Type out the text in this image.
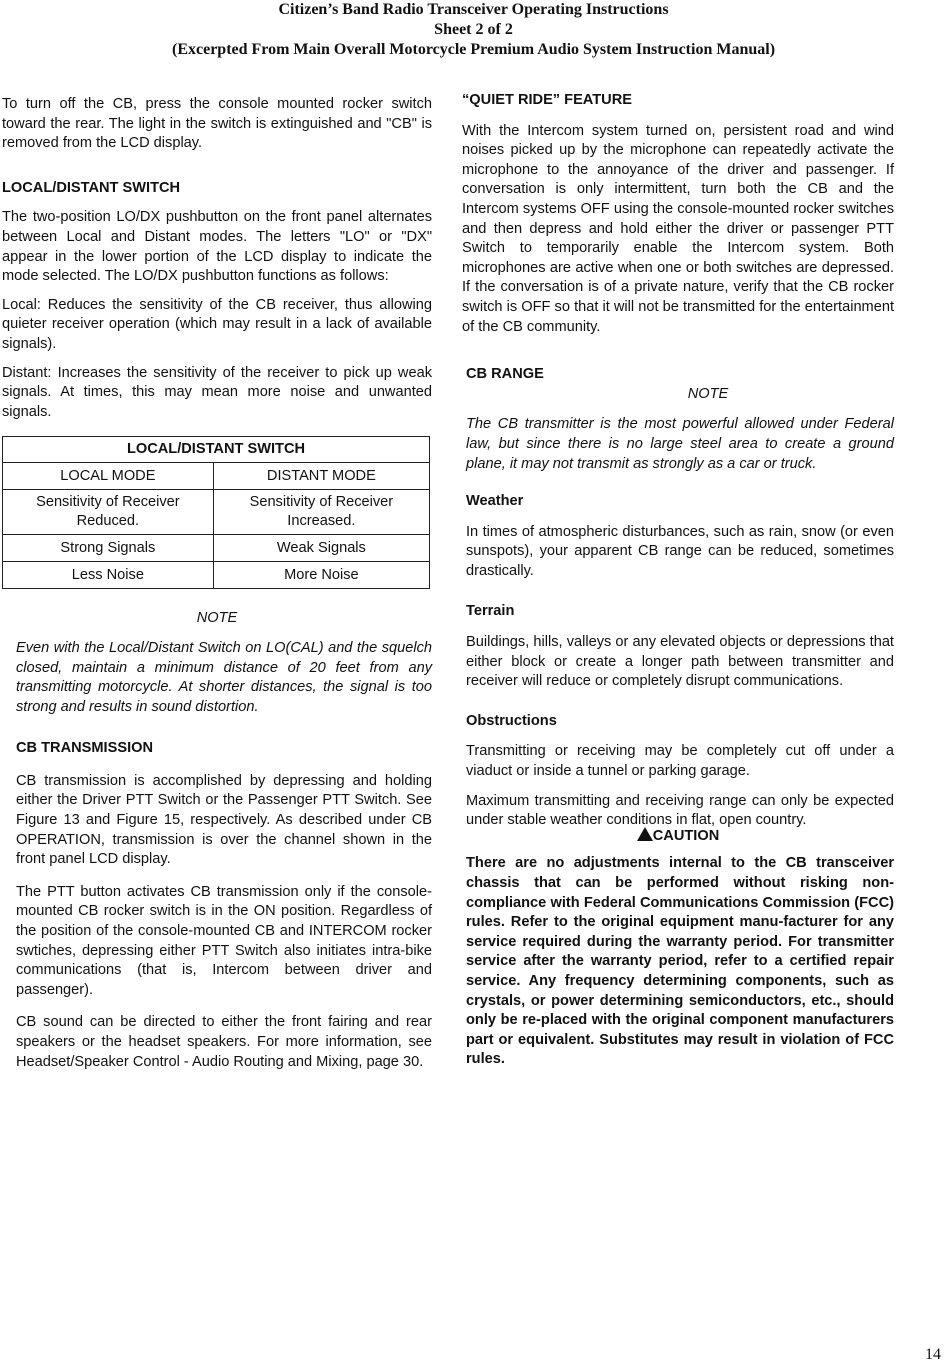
Citizen’s Band Radio Transceiver Operating Instructions
Sheet 2 of 2
(Excerpted From Main Overall Motorcycle Premium Audio System Instruction Manual)

To turn off the CB, press the console mounted rocker switch toward the rear. The light in the switch is extinguished and "CB" is removed from the LCD display.

LOCAL/DISTANT SWITCH

The two-position LO/DX pushbutton on the front panel alternates between Local and Distant modes. The letters "LO" or "DX" appear in the lower portion of the LCD display to indicate the mode selected. The LO/DX pushbutton functions as follows:

Local: Reduces the sensitivity of the CB receiver, thus allowing quieter receiver operation (which may result in a lack of available signals).

Distant: Increases the sensitivity of the receiver to pick up weak signals. At times, this may mean more noise and unwanted signals.

LOCAL/DISTANT SWITCH	
LOCAL MODE	DISTANT MODE
Sensitivity of Receiver Reduced.	Sensitivity of Receiver Increased.
Strong Signals	Weak Signals
Less Noise	More Noise

NOTE

Even with the Local/Distant Switch on LO(CAL) and the squelch closed, maintain a minimum distance of 20 feet from any transmitting motorcycle. At shorter distances, the signal is too strong and results in sound distortion.

CB TRANSMISSION

CB transmission is accomplished by depressing and holding either the Driver PTT Switch or the Passenger PTT Switch. See Figure 13 and Figure 15, respectively. As described under CB OPERATION, transmission is over the channel shown in the front panel LCD display.

The PTT button activates CB transmission only if the console-mounted CB rocker switch is in the ON position. Regardless of the position of the console-mounted CB and INTERCOM rocker swtiches, depressing either PTT Switch also initiates intra-bike communications (that is, Intercom between driver and passenger).

CB sound can be directed to either the front fairing and rear speakers or the headset speakers. For more information, see Headset/Speaker Control - Audio Routing and Mixing, page 30.

“QUIET RIDE” FEATURE

With the Intercom system turned on, persistent road and wind noises picked up by the microphone can repeatedly activate the microphone to the annoyance of the driver and passenger. If conversation is only intermittent, turn both the CB and the Intercom systems OFF using the console-mounted rocker switches and then depress and hold either the driver or passenger PTT Switch to temporarily enable the Intercom system. Both microphones are active when one or both switches are depressed. If the conversation is of a private nature, verify that the CB rocker switch is OFF so that it will not be transmitted for the entertainment of the CB community.

CB RANGE

NOTE

The CB transmitter is the most powerful allowed under Federal law, but since there is no large steel area to create a ground plane, it may not transmit as strongly as a car or truck.

Weather

In times of atmospheric disturbances, such as rain, snow (or even sunspots), your apparent CB range can be reduced, sometimes drastically.

Terrain

Buildings, hills, valleys or any elevated objects or depressions that either block or create a longer path between transmitter and receiver will reduce or completely disrupt communications.

Obstructions

Transmitting or receiving may be completely cut off under a viaduct or inside a tunnel or parking garage.

Maximum transmitting and receiving range can only be expected under stable weather conditions in flat, open country.

CAUTION

There are no adjustments internal to the CB transceiver chassis that can be performed without risking non-compliance with Federal Communications Commission (FCC) rules. Refer to the original equipment manu-facturer for any service required during the warranty period. For transmitter service after the warranty period, refer to a certified repair service. Any frequency determining components, such as crystals, or power determining semiconductors, etc., should only be re-placed with the original component manufacturers part or equivalent. Substitutes may result in violation of FCC rules.

14
